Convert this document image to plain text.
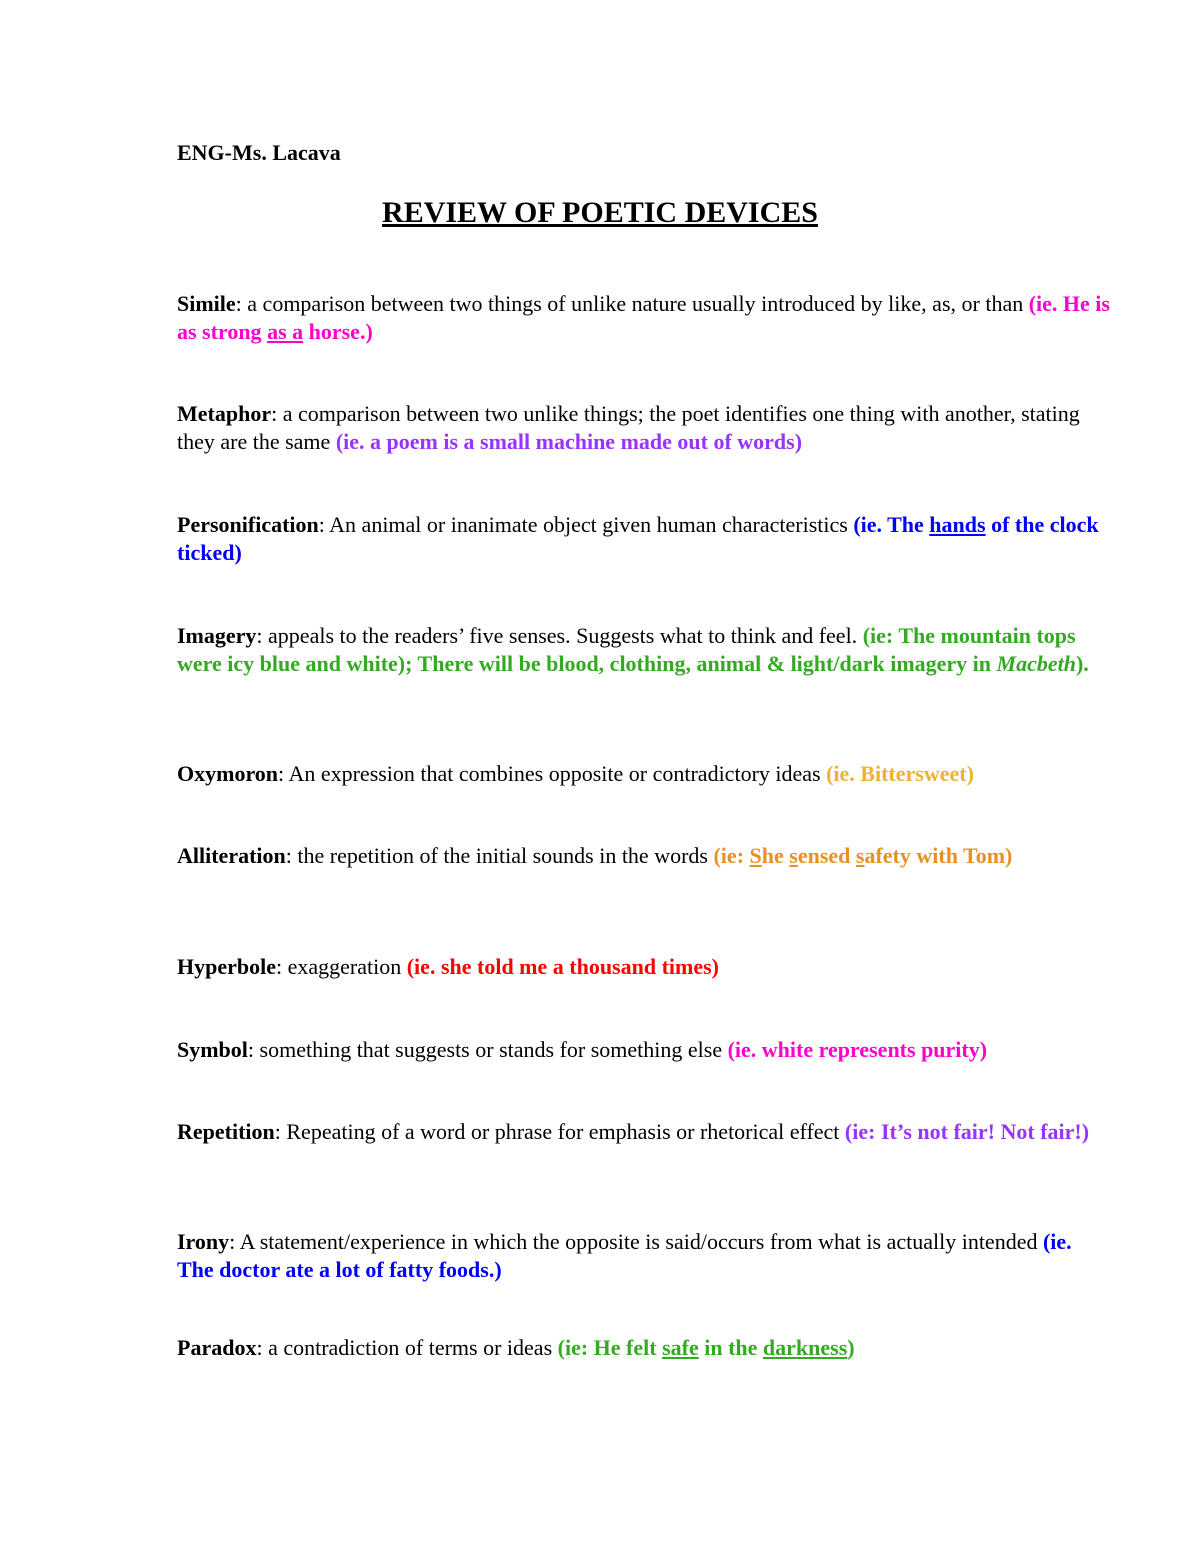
ENG-Ms. Lacava
REVIEW OF POETIC DEVICES
Simile: a comparison between two things of unlike nature usually introduced by like, as, or than (ie. He is as strong as a horse.)
Metaphor: a comparison between two unlike things; the poet identifies one thing with another, stating they are the same (ie. a poem is a small machine made out of words)
Personification: An animal or inanimate object given human characteristics (ie. The hands of the clock ticked)
Imagery: appeals to the readers’ five senses. Suggests what to think and feel. (ie: The mountain tops were icy blue and white); There will be blood, clothing, animal & light/dark imagery in Macbeth).
Oxymoron: An expression that combines opposite or contradictory ideas (ie. Bittersweet)
Alliteration: the repetition of the initial sounds in the words (ie: She sensed safety with Tom)
Hyperbole: exaggeration (ie. she told me a thousand times)
Symbol: something that suggests or stands for something else (ie. white represents purity)
Repetition: Repeating of a word or phrase for emphasis or rhetorical effect (ie: It’s not fair! Not fair!)
Irony: A statement/experience in which the opposite is said/occurs from what is actually intended (ie. The doctor ate a lot of fatty foods.)
Paradox: a contradiction of terms or ideas (ie: He felt safe in the darkness)
